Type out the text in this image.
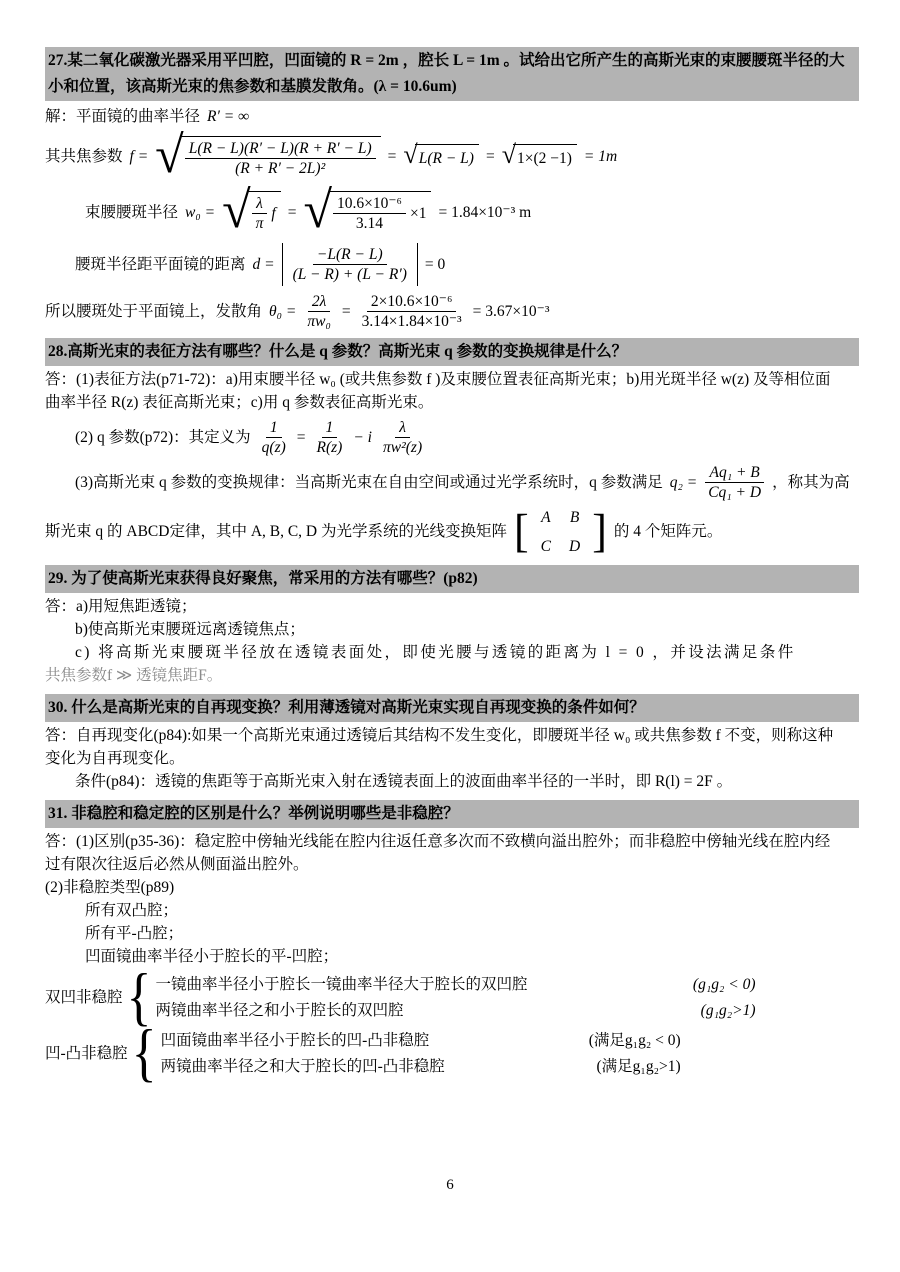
27.某二氧化碳激光器采用平凹腔，凹面镜的 R = 2m ，腔长 L = 1m 。试给出它所产生的高斯光束的束腰腰斑半径的大
小和位置，该高斯光束的焦参数和基膜发散角。(λ = 10.6um)
解：平面镜的曲率半径 R′ = ∞
其共焦参数 f = √ $\frac{L(R - L)(R' - L)(R + R' - L)}{\text{(R + R′ − 2L)²}}$ = √ L(R − L) = √ 1×(2 −1) = 1m
束腰腰斑半径 w₀ = √ $\frac{\lambda}{\pi}$ f = √ $\frac{\text{10.6×10⁻⁶}}{3.14} \times 1 = 1.84\times 10^{-3}$ m
腰斑半径距平面镜的距离 $d = \frac{-L(R - L)}{(L - R) + (L - R')} = 0$
所以腰斑处于平面镜上，发散角 $\theta_0 = \frac{2\lambda}{\text{πw₀}} = \frac{\text{2×10.6×10⁻⁶}}{\text{3.14×1.84×10⁻³}} = 3.67\times 10^{-3}$
28.高斯光束的表征方法有哪些？什么是 q 参数？高斯光束 q 参数的变换规律是什么？
答：(1)表征方法(p71-72)：a)用束腰半径 w₀ (或共焦参数 f )及束腰位置表征高斯光束；b)用光斑半径 w(z) 及等相位面
曲率半径 R(z) 表征高斯光束；c)用 q 参数表征高斯光束。
(2) q 参数(p72)：其定义为 $\frac{1}{q(z)} = \frac{1}{R(z)} - i \frac{\lambda}{\text{πw²(z)}}$
(3)高斯光束 q 参数的变换规律：当高斯光束在自由空间或通过光学系统时，q 参数满足 $q_2 = \frac{\text{Aq₁ + B}}{\text{Cq₁ + D}}$ ，称其为高
斯光束 q 的 ABCD定律，其中 A, B, C, D 为光学系统的光线变换矩阵 [ A B
C D ] 的 4 个矩阵元。
29. 为了使高斯光束获得良好聚焦，常采用的方法有哪些？(p82)
答：a)用短焦距透镜；
b)使高斯光束腰斑远离透镜焦点；
c) 将高斯光束腰斑半径放在透镜表面处，即使光腰与透镜的距离为 l = 0 ，并设法满足条件
共焦参数f ≫ 透镜焦距F。
30. 什么是高斯光束的自再现变换？利用薄透镜对高斯光束实现自再现变换的条件如何？
答：自再现变化(p84):如果一个高斯光束通过透镜后其结构不发生变化，即腰斑半径 w₀ 或共焦参数 f 不变，则称这种
变化为自再现变化。
条件(p84)：透镜的焦距等于高斯光束入射在透镜表面上的波面曲率半径的一半时，即 R(l) = 2F 。
31. 非稳腔和稳定腔的区别是什么？举例说明哪些是非稳腔？
答：(1)区别(p35-36)：稳定腔中傍轴光线能在腔内往返任意多次而不致横向溢出腔外；而非稳腔中傍轴光线在腔内经
过有限次往返后必然从侧面溢出腔外。
(2)非稳腔类型(p89)
所有双凸腔；
所有平-凸腔；
凹面镜曲率半径小于腔长的平-凹腔；
双凹非稳腔 { 一镜曲率半径小于腔长一镜曲率半径大于腔长的双凹腔	(g₁g₂ < 0)
两镜曲率半径之和小于腔长的双凹腔	(g₁g₂>1)
凹-凸非稳腔 { 凹面镜曲率半径小于腔长的凹-凸非稳腔	(满足g₁g₂ < 0)
两镜曲率半径之和大于腔长的凹-凸非稳腔	(满足g₁g₂>1)
6
